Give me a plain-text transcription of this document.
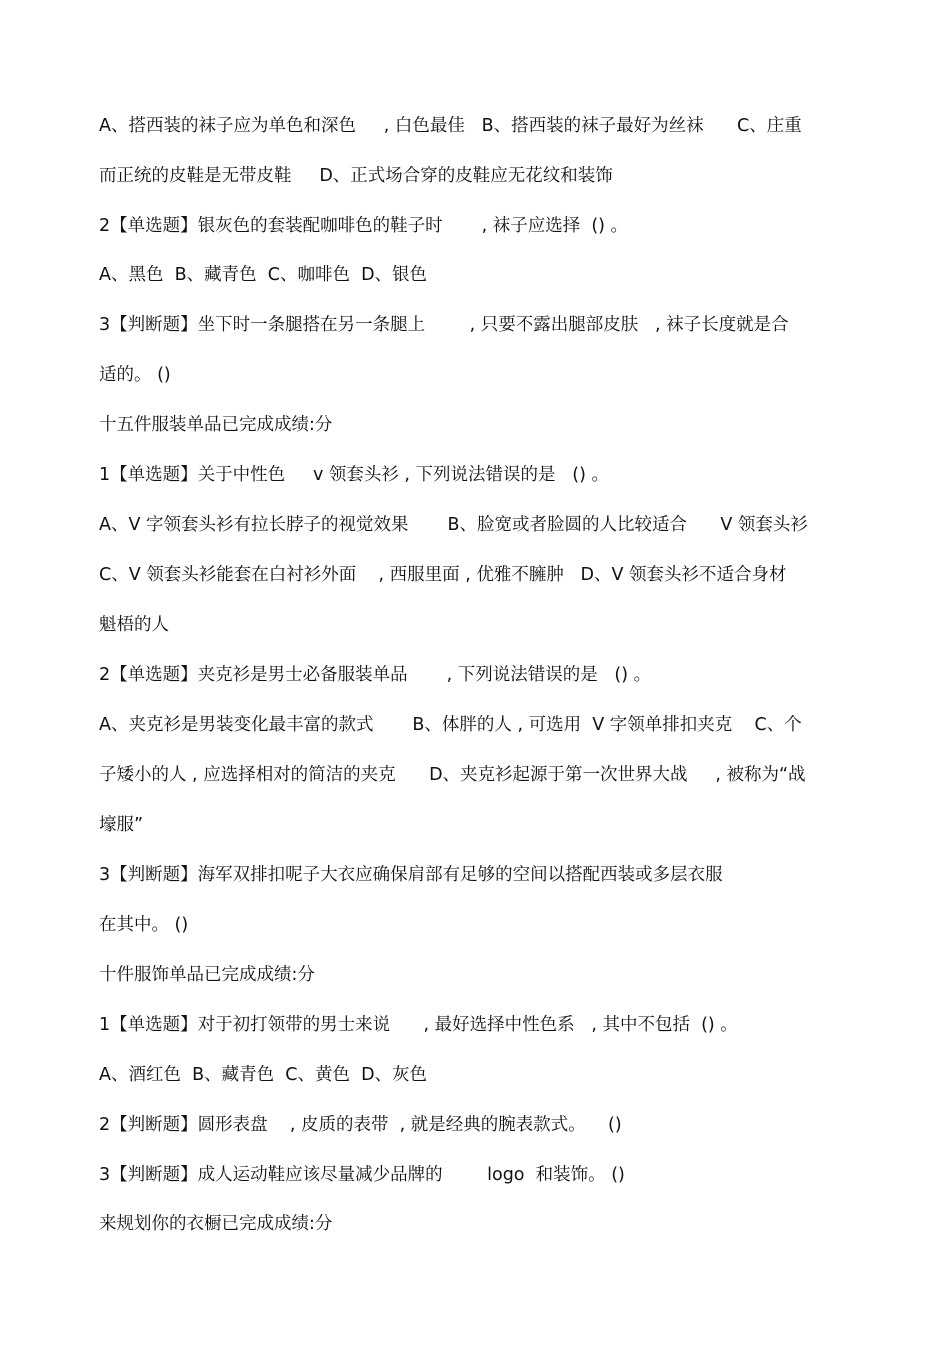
A、搭西装的袜子应为单色和深色     , 白色最佳   B、搭西装的袜子最好为丝袜      C、庄重
而正统的皮鞋是无带皮鞋     D、正式场合穿的皮鞋应无花纹和装饰
2【单选题】银灰色的套装配咖啡色的鞋子时       , 袜子应选择  () 。
A、黑色  B、藏青色  C、咖啡色  D、银色
3【判断题】坐下时一条腿搭在另一条腿上        , 只要不露出腿部皮肤   , 袜子长度就是合
适的。 ()
十五件服装单品已完成成绩:分
1【单选题】关于中性色     v 领套头衫 , 下列说法错误的是   () 。
A、V 字领套头衫有拉长脖子的视觉效果       B、脸宽或者脸圆的人比较适合      V 领套头衫
C、V 领套头衫能套在白衬衫外面    , 西服里面 , 优雅不臃肿   D、V 领套头衫不适合身材
魁梧的人
2【单选题】夹克衫是男士必备服装单品       , 下列说法错误的是   () 。
A、夹克衫是男装变化最丰富的款式       B、体胖的人 , 可选用  V 字领单排扣夹克    C、个
子矮小的人 , 应选择相对的简洁的夹克      D、夹克衫起源于第一次世界大战     , 被称为“战
壕服”
3【判断题】海军双排扣呢子大衣应确保肩部有足够的空间以搭配西装或多层衣服
在其中。 ()
十件服饰单品已完成成绩:分
1【单选题】对于初打领带的男士来说      , 最好选择中性色系   , 其中不包括  () 。
A、酒红色  B、藏青色  C、黄色  D、灰色
2【判断题】圆形表盘    , 皮质的表带  , 就是经典的腕表款式。    ()
3【判断题】成人运动鞋应该尽量减少品牌的        logo  和装饰。 ()
来规划你的衣橱已完成成绩:分
